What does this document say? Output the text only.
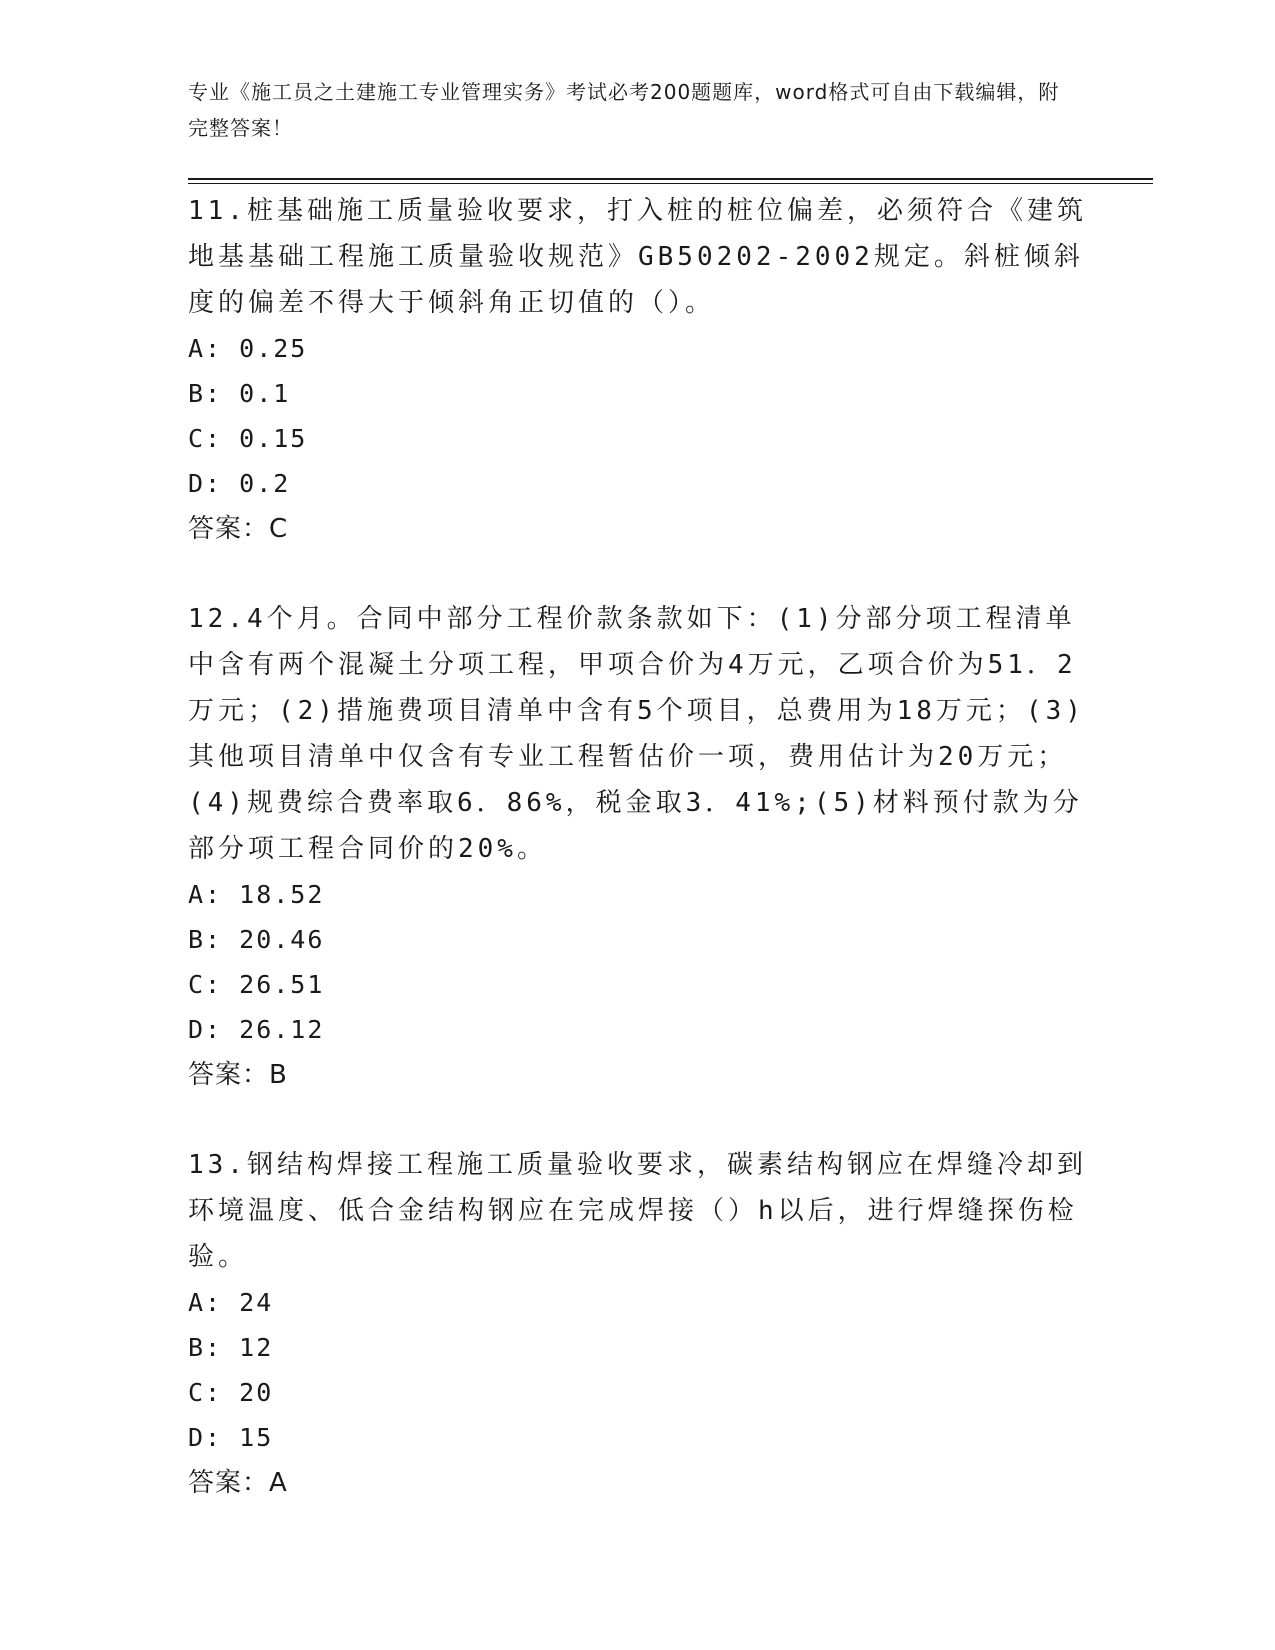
专业《施工员之土建施工专业管理实务》考试必考200题题库，word格式可自由下载编辑，附完整答案！

11.桩基础施工质量验收要求，打入桩的桩位偏差，必须符合《建筑地基基础工程施工质量验收规范》GB50202-2002规定。斜桩倾斜度的偏差不得大于倾斜角正切值的（）。

A: 0.25

B: 0.1

C: 0.15

D: 0.2

答案：C

12.4个月。合同中部分工程价款条款如下：(1)分部分项工程清单中含有两个混凝土分项工程，甲项合价为4万元，乙项合价为51．2万元；(2)措施费项目清单中含有5个项目，总费用为18万元；(3)其他项目清单中仅含有专业工程暂估价一项，费用估计为20万元；(4)规费综合费率取6．86%，税金取3．41%;(5)材料预付款为分部分项工程合同价的20%。

A: 18.52

B: 20.46

C: 26.51

D: 26.12

答案：B

13.钢结构焊接工程施工质量验收要求，碳素结构钢应在焊缝冷却到环境温度、低合金结构钢应在完成焊接（）h以后，进行焊缝探伤检验。

A: 24

B: 12

C: 20

D: 15

答案：A
